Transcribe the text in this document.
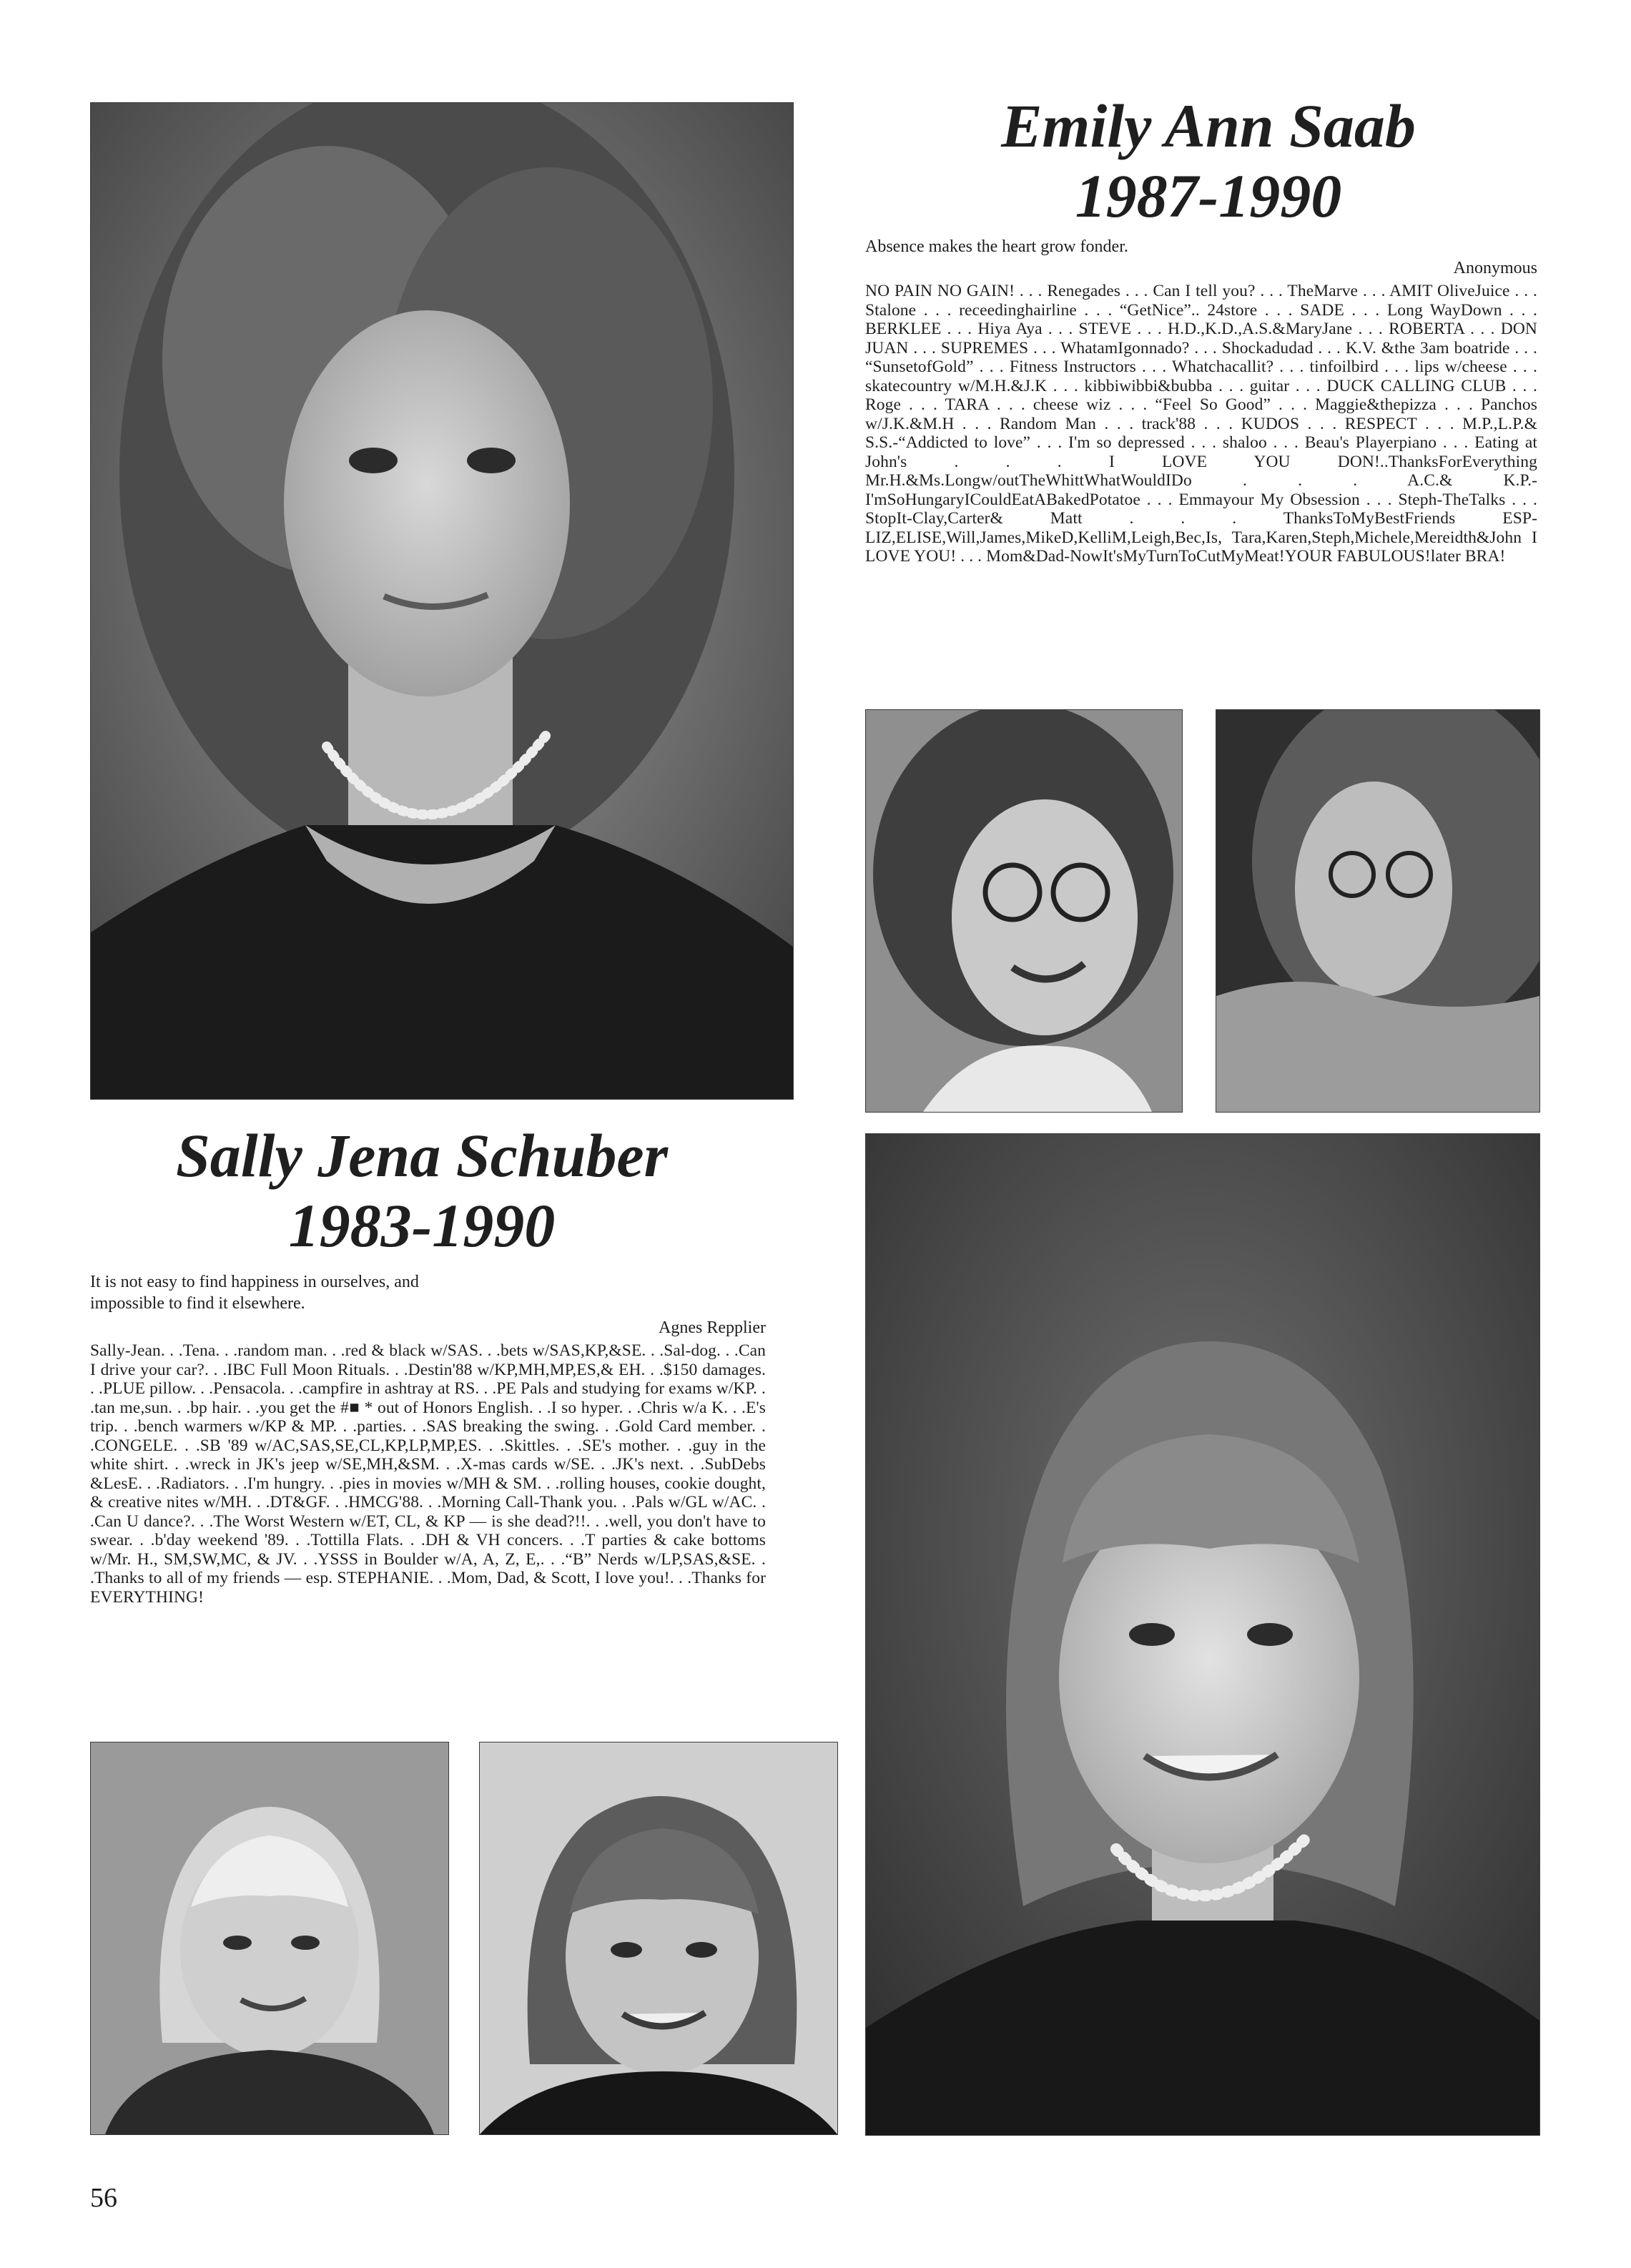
Emily Ann Saab
1987-1990
Absence makes the heart grow fonder.
Anonymous
NO PAIN NO GAIN! . . . Renegades . . . Can I tell you? . . . TheMarve . . . AMIT OliveJuice . . . Stalone . . . receedinghairline . . . “GetNice”.. 24store . . . SADE . . . Long WayDown . . . BERKLEE . . . Hiya Aya . . . STEVE . . . H.D.,K.D.,A.S.&MaryJane . . . ROBERTA . . . DON JUAN . . . SUPREMES . . . WhatamIgonnado? . . . Shockadudad . . . K.V. &the 3am boatride . . . “SunsetofGold” . . . Fitness Instructors . . . Whatchacallit? . . . tinfoilbird . . . lips w/cheese . . . skatecountry w/M.H.&J.K . . . kibbiwibbi&bubba . . . guitar . . . DUCK CALLING CLUB . . . Roge . . . TARA . . . cheese wiz . . . “Feel So Good” . . . Maggie&thepizza . . . Panchos w/J.K.&M.H . . . Random Man . . . track'88 . . . KUDOS . . . RESPECT . . . M.P.,L.P.& S.S.-“Addicted to love” . . . I'm so depressed . . . shaloo . . . Beau's Playerpiano . . . Eating at John's . . . I LOVE YOU DON!..ThanksForEverything Mr.H.&Ms.Longw/outTheWhittWhatWouldIDo . . . A.C.& K.P.-I'mSoHungaryICouldEatABakedPotatoe . . . Emmayour My Obsession . . . Steph-TheTalks . . . StopIt-Clay,Carter& Matt . . . ThanksToMyBestFriends ESP-LIZ,ELISE,Will,James,MikeD,KelliM,Leigh,Bec,Is, Tara,Karen,Steph,Michele,Mereidth&John I LOVE YOU! . . . Mom&Dad-NowIt'sMyTurnToCutMyMeat!YOUR FABULOUS!later BRA!
Sally Jena Schuber
1983-1990
It is not easy to find happiness in ourselves, and impossible to find it elsewhere.
Agnes Repplier
Sally-Jean. . .Tena. . .random man. . .red & black w/SAS. . .bets w/SAS,KP,&SE. . .Sal-dog. . .Can I drive your car?. . .IBC Full Moon Rituals. . .Destin'88 w/KP,MH,MP,ES,& EH. . .$150 damages. . .PLUE pillow. . .Pensacola. . .campfire in ashtray at RS. . .PE Pals and studying for exams w/KP. . .tan me,sun. . .bp hair. . .you get the #■ * out of Honors English. . .I so hyper. . .Chris w/a K. . .E's trip. . .bench warmers w/KP & MP. . .parties. . .SAS breaking the swing. . .Gold Card member. . .CONGELE. . .SB '89 w/AC,SAS,SE,CL,KP,LP,MP,ES. . .Skittles. . .SE's mother. . .guy in the white shirt. . .wreck in JK's jeep w/SE,MH,&SM. . .X-mas cards w/SE. . .JK's next. . .SubDebs &LesE. . .Radiators. . .I'm hungry. . .pies in movies w/MH & SM. . .rolling houses, cookie dought, & creative nites w/MH. . .DT&GF. . .HMCG'88. . .Morning Call-Thank you. . .Pals w/GL w/AC. . .Can U dance?. . .The Worst Western w/ET, CL, & KP — is she dead?!!. . .well, you don't have to swear. . .b'day weekend '89. . .Tottilla Flats. . .DH & VH concers. . .T parties & cake bottoms w/Mr. H., SM,SW,MC, & JV. . .YSSS in Boulder w/A, A, Z, E,. . .“B” Nerds w/LP,SAS,&SE. . .Thanks to all of my friends — esp. STEPHANIE. . .Mom, Dad, & Scott, I love you!. . .Thanks for EVERYTHING!
56
